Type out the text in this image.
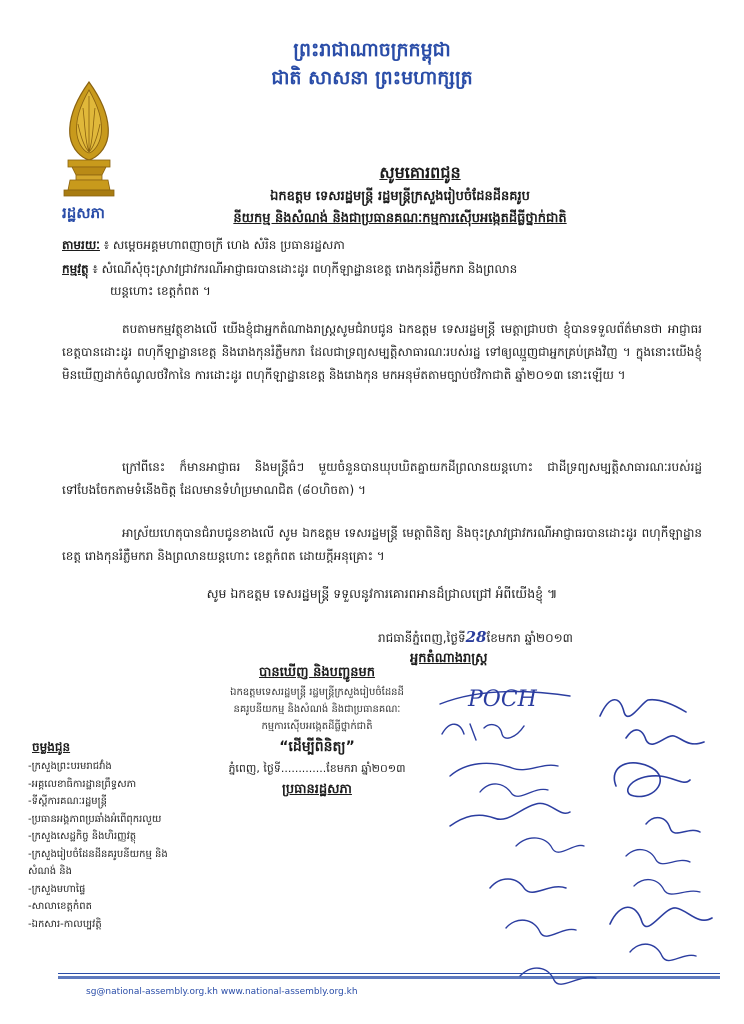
ព្រះរាជាណាចក្រកម្ពុជា
ជាតិ សាសនា ព្រះមហាក្សត្រ
រដ្ឋសភា
សូមគោរពជូន
ឯកឧត្តម ទេសរដ្ឋមន្ត្រី រដ្ឋមន្ត្រីក្រសួងរៀបចំដែនដីនគរូប
នីយកម្ម និងសំណង់ និងជាប្រធានគណៈកម្មការស៊ើបអង្កេតដីធ្លីថ្នាក់ជាតិ
តាមរយៈ ៖ សម្តេចអគ្គមហាពញាចក្រី ហេង សំរិន ប្រធានរដ្ឋសភា
កម្មវត្ថុ ៖ សំណើសុំចុះស្រាវជ្រាវករណីអាជ្ញាធរបានដោះដូរ ពហុកីឡាដ្ឋានខេត្ត រោងកុនរំភ្លឺមករា និងព្រលាន
យន្តហោះ ខេត្តកំពត ។
តបតាមកម្មវត្ថុខាងលើ យើងខ្ញុំជាអ្នកតំណាងរាស្ត្រសូមជំរាបជូន ឯកឧត្តម ទេសរដ្ឋមន្ត្រី មេត្តាជ្រាបថា ខ្ញុំបានទទួលព័ត៌មានថា អាជ្ញាធរខេត្តបានដោះដូរ ពហុកីឡាដ្ឋានខេត្ត និងរោងកុនរំភ្លឺមករា ដែលជាទ្រព្យសម្បត្តិសាធារណៈរបស់រដ្ឋ ទៅឲ្យឈ្មួញជាអ្នកគ្រប់គ្រងវិញ ។ ក្នុងនោះយើងខ្ញុំមិនឃើញដាក់ចំណូលថវិកានៃ ការដោះដូរ ពហុកីឡាដ្ឋានខេត្ត និងរោងកុន មកអនុម័តតាមច្បាប់ថវិកាជាតិ ឆ្នាំ២០១៣ នោះឡើយ ។
ក្រៅពីនេះ ក៏មានអាជ្ញាធរ និងមន្ត្រីធំៗ មួយចំនួនបានឃុបឃិតគ្នាយកដីព្រលានយន្តហោះ ជាដីទ្រព្យសម្បត្តិសាធារណៈរបស់រដ្ឋ ទៅបែងចែកតាមទំនើងចិត្ត ដែលមានទំហំប្រមាណជិត (៨០ហិចតា) ។
អាស្រ័យហេតុបានជំរាបជូនខាងលើ សូម ឯកឧត្តម ទេសរដ្ឋមន្ត្រី មេត្តាពិនិត្យ និងចុះស្រាវជ្រាវករណីអាជ្ញាធរបានដោះដូរ ពហុកីឡាដ្ឋានខេត្ត រោងកុនរំភ្លឺមករា និងព្រលានយន្តហោះ ខេត្តកំពត ដោយក្តីអនុគ្រោះ ។
សូម ឯកឧត្តម ទេសរដ្ឋមន្ត្រី ទទួលនូវការគោរពអានដ៏ជ្រាលជ្រៅ អំពីយើងខ្ញុំ ៕
រាជធានីភ្នំពេញ,ថ្ងៃទី28ខែមករា ឆ្នាំ២០១៣
អ្នកតំណាងរាស្ត្រ
បានឃើញ និងបញ្ជូនមក
ឯកឧត្តមទេសរដ្ឋមន្ត្រី រដ្ឋមន្ត្រីក្រសួងរៀបចំដែនដី
នគរូបនីយកម្ម និងសំណង់ និងជាប្រធានគណៈ
កម្មការស៊ើបអង្កេតដីធ្លីថ្នាក់ជាតិ
“ដើម្បីពិនិត្យ”
ភ្នំពេញ, ថ្ងៃទី.............ខែមករា ឆ្នាំ២០១៣
ប្រធានរដ្ឋសភា
ចម្លងជូន
-ក្រសួងព្រះបរមរាជវាំង
-អគ្គលេខាធិការដ្ឋានព្រឹទ្ធសភា
-ទីស្តីការគណៈរដ្ឋមន្ត្រី
-ប្រធានអង្គភាពប្រឆាំងអំពើពុករលួយ
-ក្រសួងសេដ្ឋកិច្ច និងហិរញ្ញវត្ថុ
-ក្រសួងរៀបចំដែនដីនគរូបនីយកម្ម និង
សំណង់ និង
-ក្រសួងមហាផ្ទៃ
-សាលាខេត្តកំពត
-ឯកសារ-កាលប្បវត្តិ
POCH
sg@national-assembly.org.kh www.national-assembly.org.kh
